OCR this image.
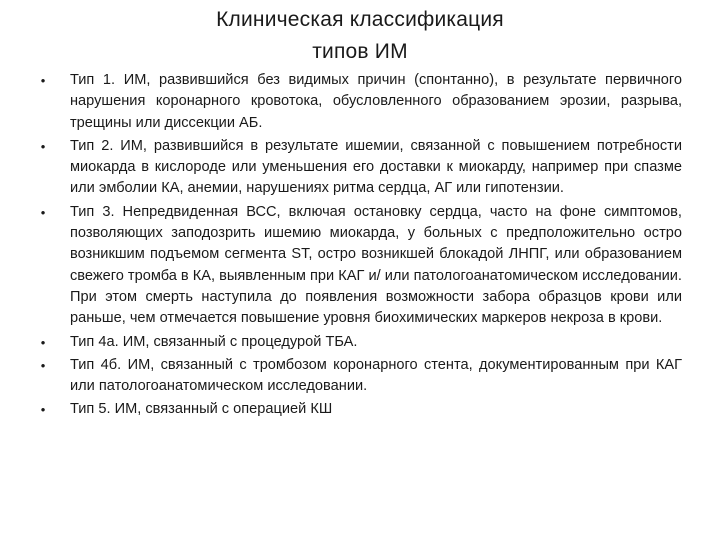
Клиническая классификация
типов ИМ
•	Тип 1. ИМ, развившийся без видимых причин (спонтанно), в результате первичного нарушения коронарного кровотока, обусловленного образованием эрозии, разрыва, трещины или диссекции АБ.
•	Тип 2. ИМ, развившийся в результате ишемии, связанной с повышением потребности миокарда в кислороде или уменьшения его доставки к миокарду, например при спазме или эмболии КА, анемии, нарушениях ритма сердца, АГ или гипотензии.
•	Тип 3. Непредвиденная ВСС, включая остановку сердца, часто на фоне симптомов, позволяющих заподозрить ишемию миокарда, у больных с предположительно остро возникшим подъемом сегмента ST, остро возникшей блокадой ЛНПГ, или образованием свежего тромба в КА, выявленным при КАГ и/ или патологоанатомическом исследовании. При этом смерть наступила до появления возможности забора образцов крови или раньше, чем отмечается повышение уровня биохимических маркеров некроза в крови.
•	Тип 4а. ИМ, связанный с процедурой ТБА.
•	Тип 4б. ИМ, связанный с тромбозом коронарного стента, документированным при КАГ или патологоанатомическом исследовании.
•	Тип 5. ИМ, связанный с операцией КШ
